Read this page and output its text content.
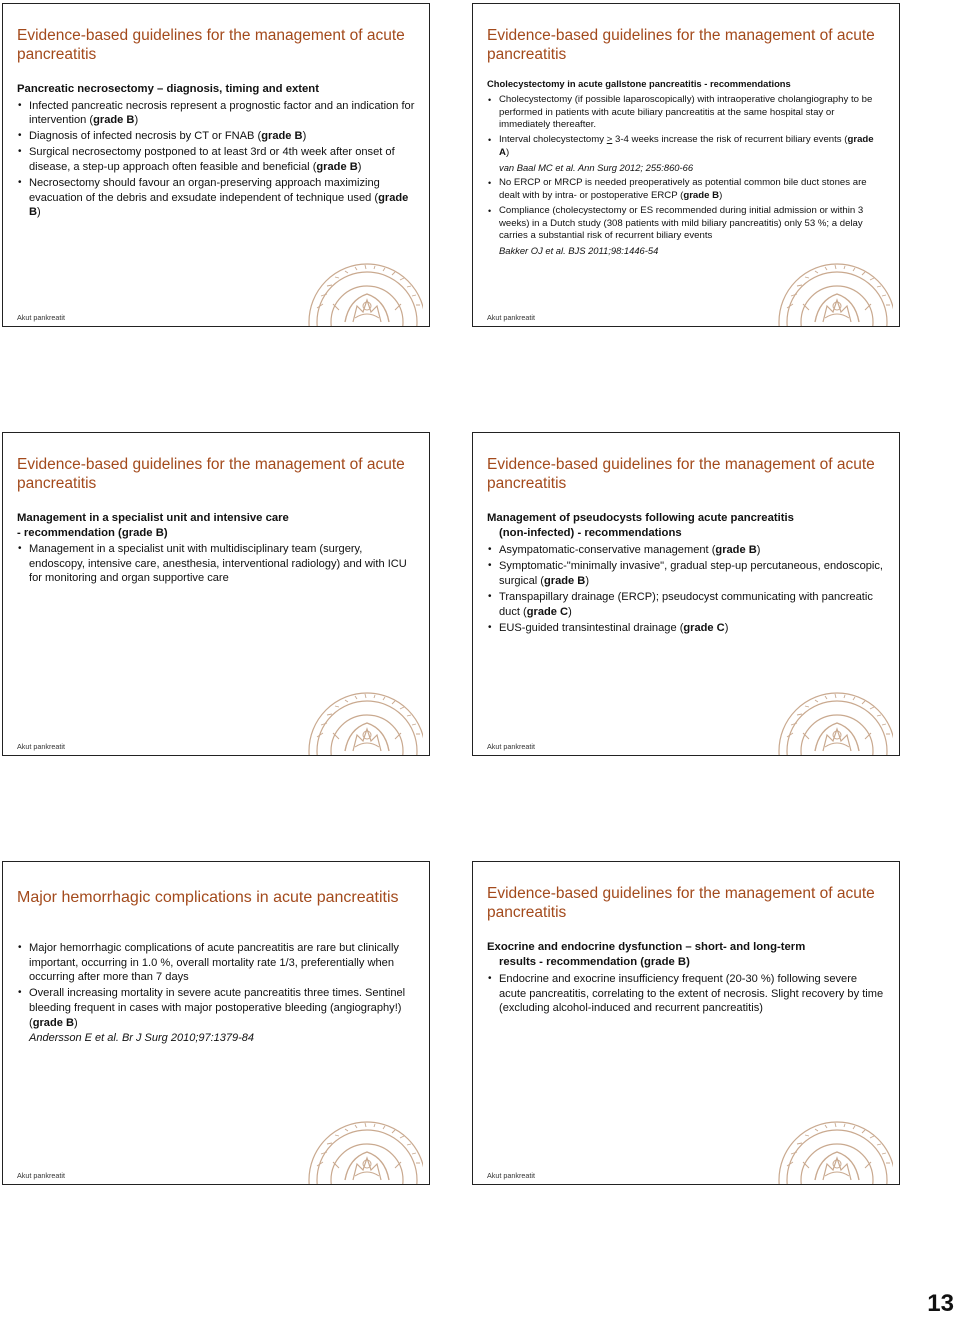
Evidence-based guidelines for the management of acute pancreatitis
Pancreatic necrosectomy – diagnosis, timing and extent
• Infected pancreatic necrosis represent a prognostic factor and an indication for intervention (grade B)
• Diagnosis of infected necrosis by CT or FNAB (grade B)
• Surgical necrosectomy postponed to at least 3rd or 4th week after onset of disease, a step-up approach often feasible and beneficial (grade B)
• Necrosectomy should favour an organ-preserving approach maximizing evacuation of the debris and exsudate independent of technique used (grade B)
Akut pankreatit
Evidence-based guidelines for the management of acute pancreatitis
Cholecystectomy in acute gallstone pancreatitis - recommendations
• Cholecystectomy (if possible laparoscopically) with intraoperative cholangiography to be performed in patients with acute biliary pancreatitis at the same hospital stay or immediately thereafter.
• Interval cholecystectomy > 3-4 weeks increase the risk of recurrent biliary events (grade A)
van Baal MC et al. Ann Surg 2012; 255:860-66
• No ERCP or MRCP is needed preoperatively as potential common bile duct stones are dealt with by intra- or postoperative ERCP (grade B)
• Compliance (cholecystectomy or ES recommended during initial admission or within 3 weeks) in a Dutch study (308 patients with mild biliary pancreatitis) only 53 %; a delay carries a substantial risk of recurrent biliary events
Bakker OJ et al. BJS 2011;98:1446-54
Akut pankreatit
Evidence-based guidelines for the management of acute pancreatitis
Management in a specialist unit and intensive care
- recommendation (grade B)
• Management in a specialist unit with multidisciplinary team (surgery, endoscopy, intensive care, anesthesia, interventional radiology) and with ICU for monitoring and organ supportive care
Akut pankreatit
Evidence-based guidelines for the management of acute pancreatitis
Management of pseudocysts following acute pancreatitis
(non-infected) - recommendations
• Asympatomatic-conservative management (grade B)
• Symptomatic-"minimally invasive", gradual step-up percutaneous, endoscopic, surgical (grade B)
• Transpapillary drainage (ERCP); pseudocyst communicating with pancreatic duct (grade C)
• EUS-guided transintestinal drainage (grade C)
Akut pankreatit
Major hemorrhagic complications in acute pancreatitis
• Major hemorrhagic complications of acute pancreatitis are rare but clinically important, occurring in 1.0 %, overall mortality rate 1/3, preferentially when occurring after more than 7 days
• Overall increasing mortality in severe acute pancreatitis three times. Sentinel bleeding frequent in cases with major postoperative bleeding (angiography!) (grade B)
Andersson E et al. Br J Surg 2010;97:1379-84
Akut pankreatit
Evidence-based guidelines for the management of acute pancreatitis
Exocrine and endocrine dysfunction – short- and long-term
results - recommendation (grade B)
• Endocrine and exocrine insufficiency frequent (20-30 %) following severe acute pancreatitis, correlating to the extent of necrosis. Slight recovery by time (excluding alcohol-induced and recurrent pancreatitis)
Akut pankreatit
13
